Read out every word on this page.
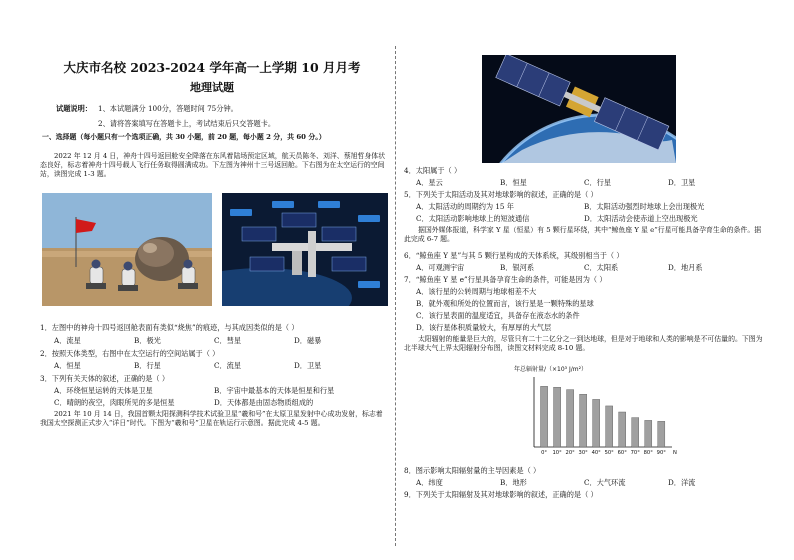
大庆市名校 2023-2024 学年高一上学期 10 月月考
地理试题
试题说明： 1、本试题满分 100分，答题时间 75分钟。
2、请将答案填写在答题卡上，考试结束后只交答题卡。
一、选择题（每小题只有一个选项正确，共 30 小题，前 20 题，每小题 2 分，共 60 分。）
2022 年 12 月 4 日，神舟十四号返回舱安全降落在东风着陆场预定区域，航天员陈冬、刘洋、蔡旭哲身体状态良好，标志着神舟十四号载人飞行任务取得圆满成功。下左图为神州十三号返回舱。下右图为在太空运行的空间站，读图完成 1-3 题。
1．左图中的神舟十四号返回舱表面有类似“烧焦”的痕迹，与其成因类似的是（ ）
A．流星	B．极光	C．彗星	D．磁暴
2．按照天体类型，右图中在太空运行的空间站属于（ ）
A．恒星	B．行星	C．流星	D．卫星
3．下列有关天体的叙述，正确的是（ ）
A．环绕恒星运转的天体是卫星	B．宇宙中最基本的天体是恒星和行星
C．晴朗的夜空，肉眼所见的多是恒星	D．天体都是由固态物质组成的
2021 年 10 月 14 日，我国首颗太阳探测科学技术试验卫星“羲和号”在太原卫星发射中心成功发射，标志着我国太空探测正式步入“详日”时代。下图为“羲和号”卫星在轨运行示意图。据此完成 4-5 题。
4．太阳属于（ ）
A．星云	B．恒星	C．行星	D．卫星
5．下列关于太阳活动及其对地球影响的叙述，正确的是（ ）
A．太阳活动的周期约为 15 年	B．太阳活动强烈时地球上会出现极光
C．太阳活动影响地球上的短波通信	D．太阳活动会使赤道上空出现极光
据国外媒体报道，科学家 Y 星（恒星）有 5 颗行星环绕，其中“鲸鱼座 Y 星 e”行星可能具备孕育生命的条件。据此完成 6-7 题。
6．“鲸鱼座 Y 星”与其 5 颗行星构成的天体系统，其级别相当于（ ）
A．可观测宇宙	B．银河系	C．太阳系	D．地月系
7．“鲸鱼座 Y 星 e”行星具备孕育生命的条件，可能是因为（ ）
A．该行星的公转周期与地球相差不大
B．就外观和所处的位置而言，该行星是一颗特殊的星球
C．该行星表面的温度适宜，具备存在液态水的条件
D．该行星体积质量较大，有厚厚的大气层
太阳辐射的能量是巨大的，尽管只有二十二亿分之一到达地球，但是对于地球和人类的影响是不可估量的。下图为北半球大气上界太阳辐射分布图，读图文材料完成 8-10 题。
年总辐射量/（×10³ J/m²）
0° 10° 20° 30° 40° 50° 60° 70° 80° 90° N
8．图示影响太阳辐射量的主导因素是（ ）
A．纬度	B．地形	C．大气环流	D．洋流
9．下列关于太阳辐射及其对地球影响的叙述，正确的是（ ）
